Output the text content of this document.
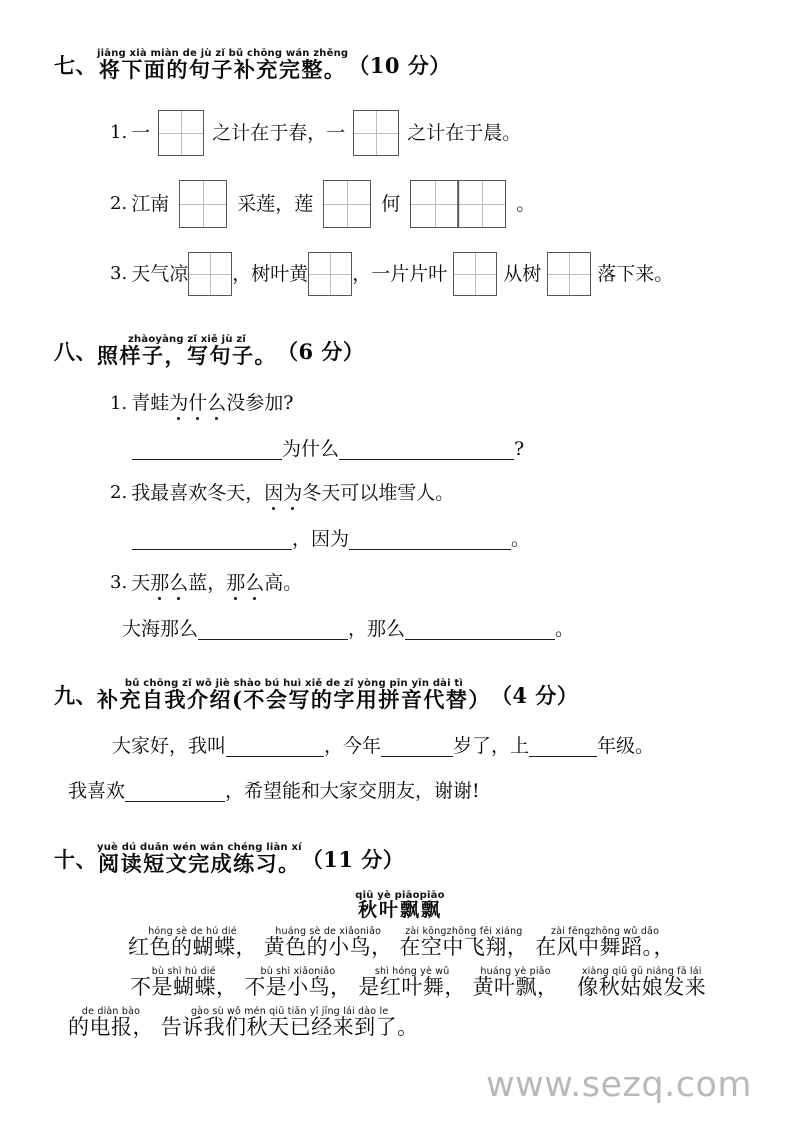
七、 jiāng xià miàn de jù zǐ bǔ chōng wán zhěng
将下面的句子补充完整。 （10 分）
1. 一	之计在于春，一	之计在于晨。
2. 江南	采莲，莲	何	。
3. 天气凉 ，树叶黄 ，一片片叶	从树	落下来。
八、	zhàoyàng zǐ xiě jù zǐ
照样子，写句子。 （6 分）
1. 青蛙 为什么 没参加?
为什么	?
2. 我最喜欢冬天， 因为 冬天可以堆雪人。
，因为	。
3. 天 那么 蓝， 那么 高。
大海那么	，那么	。
九、	bǔ chōng zǐ wǒ jiè shào bú huì xiě de zǐ yòng pīn yīn dài tì
补充自我介绍(不会写的字用拼音代替） （4 分）
大家好，我叫	，今年	岁了，上	年级。
我喜欢	，希望能和大家交朋友，谢谢!
十、 yuè dú duǎn wén wán chéng liàn xí
阅读短文完成练习。 （11 分）
qiū yè piāopiāo
秋叶飘飘
hóng sè de hú dié
红色的蝴蝶，

huáng sè de xiǎoniǎo
黄色的小鸟，

zài kōngzhōng fēi xiáng
在空中飞翔，

zài fēngzhōng wǔ dǎo
在风中舞蹈。，
bù shì hú dié
不是蝴蝶，

bù shì xiǎoniǎo
不是小鸟，

shì hóng yè wǔ
是红叶舞，

huáng yè piāo
黄叶飘，

xiàng qiū gū niáng fā lái
像秋姑娘发来
de diàn bào
的电报，

gào sù wǒ mén qiū tiān yǐ jīng lái dào le
告诉我们秋天已经来到了。
www.sezq.com
